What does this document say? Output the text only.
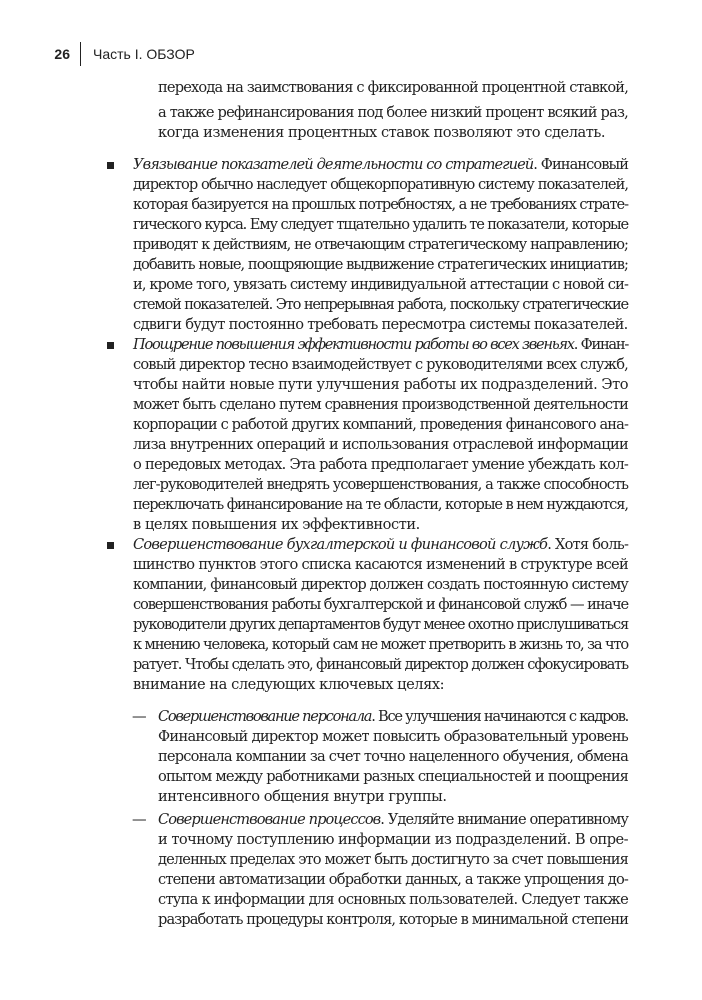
26 Часть I. ОБЗОР
перехода на заимствования с фиксированной процентной ставкой,
а также рефинансирования под более низкий процент всякий раз,
когда изменения процентных ставок позволяют это сделать.
Увязывание показателей деятельности со стратегией. Финансовый
директор обычно наследует общекорпоративную систему показателей,
которая базируется на прошлых потребностях, а не требованиях страте-
гического курса. Ему следует тщательно удалить те показатели, которые
приводят к действиям, не отвечающим стратегическому направлению;
добавить новые, поощряющие выдвижение стратегических инициатив;
и, кроме того, увязать систему индивидуальной аттестации с новой си-
стемой показателей. Это непрерывная работа, поскольку стратегические
сдвиги будут постоянно требовать пересмотра системы показателей.
Поощрение повышения эффективности работы во всех звеньях. Финан-
совый директор тесно взаимодействует с руководителями всех служб,
чтобы найти новые пути улучшения работы их подразделений. Это
может быть сделано путем сравнения производственной деятельности
корпорации с работой других компаний, проведения финансового ана-
лиза внутренних операций и использования отраслевой информации
о передовых методах. Эта работа предполагает умение убеждать кол-
лег-руководителей внедрять усовершенствования, а также способность
переключать финансирование на те области, которые в нем нуждаются,
в целях повышения их эффективности.
Совершенствование бухгалтерской и финансовой служб. Хотя боль-
шинство пунктов этого списка касаются изменений в структуре всей
компании, финансовый директор должен создать постоянную систему
совершенствования работы бухгалтерской и финансовой служб — иначе
руководители других департаментов будут менее охотно прислушиваться
к мнению человека, который сам не может претворить в жизнь то, за что
ратует. Чтобы сделать это, финансовый директор должен сфокусировать
внимание на следующих ключевых целях:
— Совершенствование персонала. Все улучшения начинаются с кадров.
Финансовый директор может повысить образовательный уровень
персонала компании за счет точно нацеленного обучения, обмена
опытом между работниками разных специальностей и поощрения
интенсивного общения внутри группы.
— Совершенствование процессов. Уделяйте внимание оперативному
и точному поступлению информации из подразделений. В опре-
деленных пределах это может быть достигнуто за счет повышения
степени автоматизации обработки данных, а также упрощения до-
ступа к информации для основных пользователей. Следует также
разработать процедуры контроля, которые в минимальной степени
